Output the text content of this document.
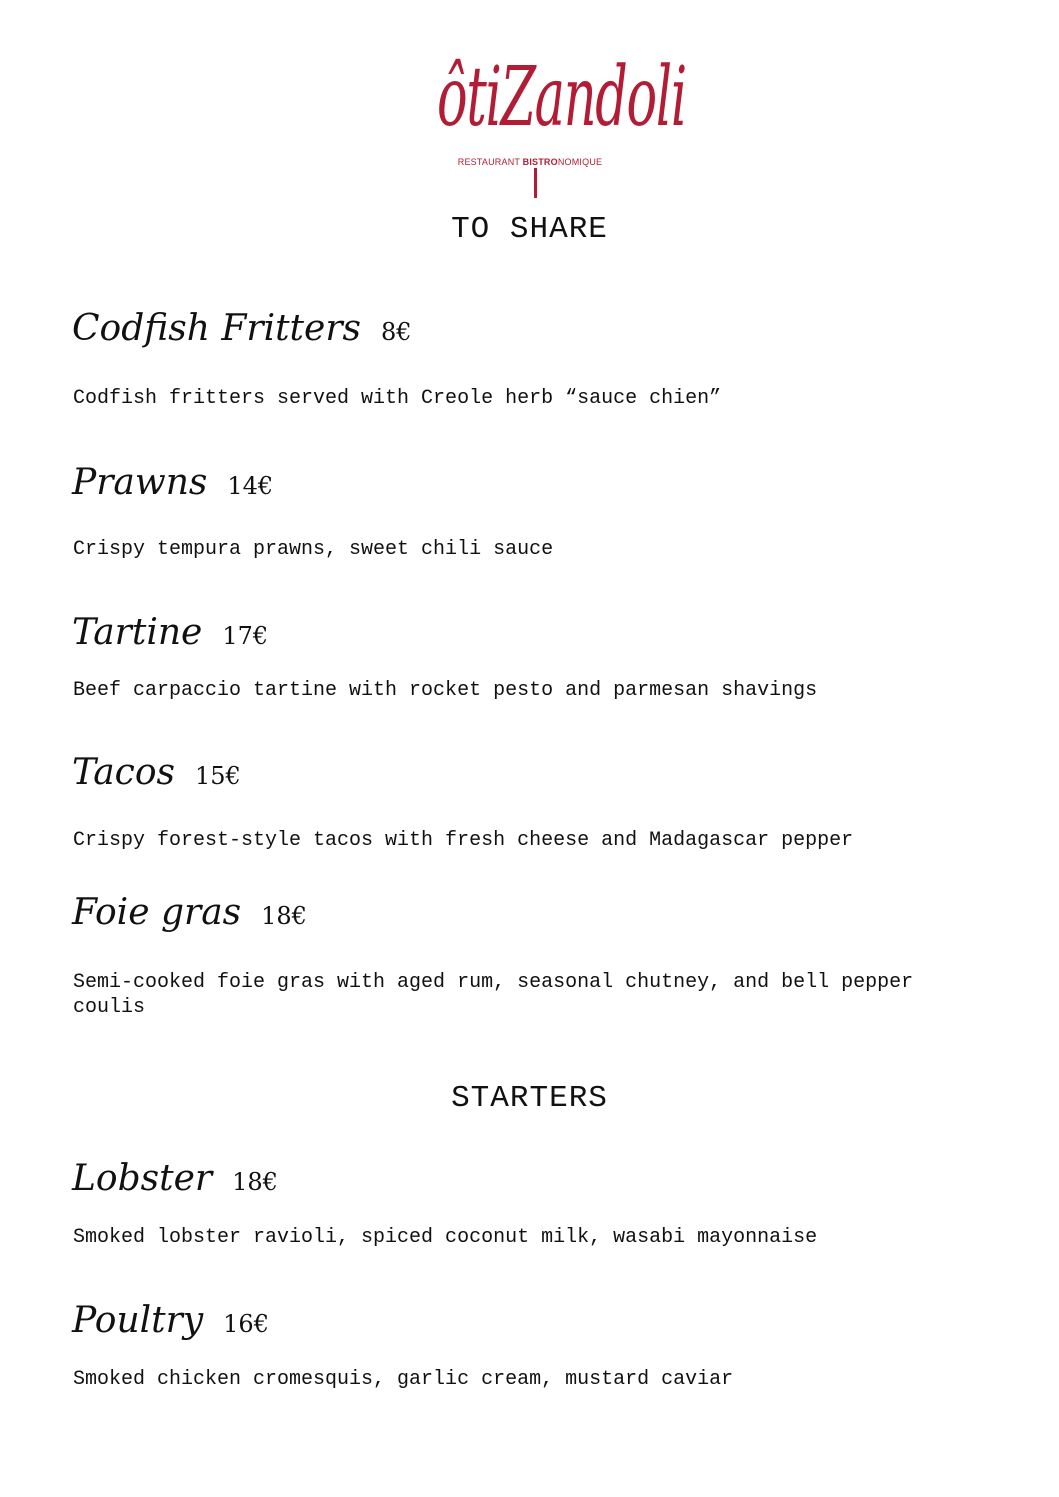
ôtiZandoli
RESTAURANT BISTRONOMIQUE
TO SHARE
Codfish Fritters 8€
Codfish fritters served with Creole herb “sauce chien”
Prawns 14€
Crispy tempura prawns, sweet chili sauce
Tartine 17€
Beef carpaccio tartine with rocket pesto and parmesan shavings
Tacos 15€
Crispy forest-style tacos with fresh cheese and Madagascar pepper
Foie gras 18€
Semi-cooked foie gras with aged rum, seasonal chutney, and bell pepper coulis
STARTERS
Lobster 18€
Smoked lobster ravioli, spiced coconut milk, wasabi mayonnaise
Poultry 16€
Smoked chicken cromesquis, garlic cream, mustard caviar
